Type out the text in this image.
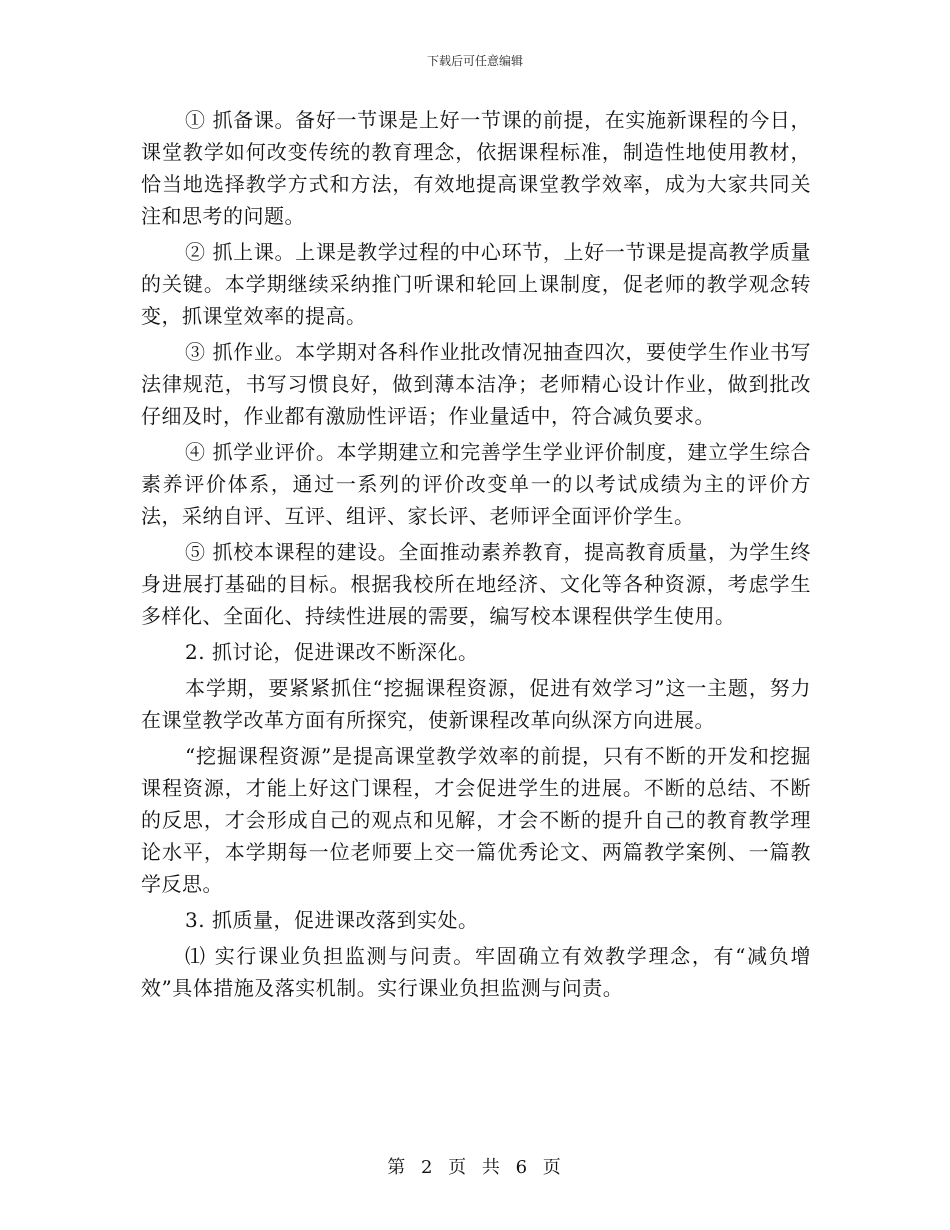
下载后可任意编辑

① 抓备课。备好一节课是上好一节课的前提，在实施新课程的今日，课堂教学如何改变传统的教育理念，依据课程标准，制造性地使用教材，恰当地选择教学方式和方法，有效地提高课堂教学效率，成为大家共同关注和思考的问题。

② 抓上课。上课是教学过程的中心环节，上好一节课是提高教学质量的关键。本学期继续采纳推门听课和轮回上课制度，促老师的教学观念转变，抓课堂效率的提高。

③ 抓作业。本学期对各科作业批改情况抽查四次，要使学生作业书写法律规范，书写习惯良好，做到薄本洁净；老师精心设计作业，做到批改仔细及时，作业都有激励性评语；作业量适中，符合减负要求。

④ 抓学业评价。本学期建立和完善学生学业评价制度，建立学生综合素养评价体系，通过一系列的评价改变单一的以考试成绩为主的评价方法，采纳自评、互评、组评、家长评、老师评全面评价学生。

⑤ 抓校本课程的建设。全面推动素养教育，提高教育质量，为学生终身进展打基础的目标。根据我校所在地经济、文化等各种资源，考虑学生多样化、全面化、持续性进展的需要，编写校本课程供学生使用。

2. 抓讨论，促进课改不断深化。

本学期，要紧紧抓住“挖掘课程资源，促进有效学习”这一主题，努力在课堂教学改革方面有所探究，使新课程改革向纵深方向进展。

“挖掘课程资源”是提高课堂教学效率的前提，只有不断的开发和挖掘课程资源，才能上好这门课程，才会促进学生的进展。不断的总结、不断的反思，才会形成自己的观点和见解，才会不断的提升自己的教育教学理论水平，本学期每一位老师要上交一篇优秀论文、两篇教学案例、一篇教学反思。

3. 抓质量，促进课改落到实处。

⑴ 实行课业负担监测与问责。牢固确立有效教学理念，有“减负增效”具体措施及落实机制。实行课业负担监测与问责。

第 2 页 共 6 页
